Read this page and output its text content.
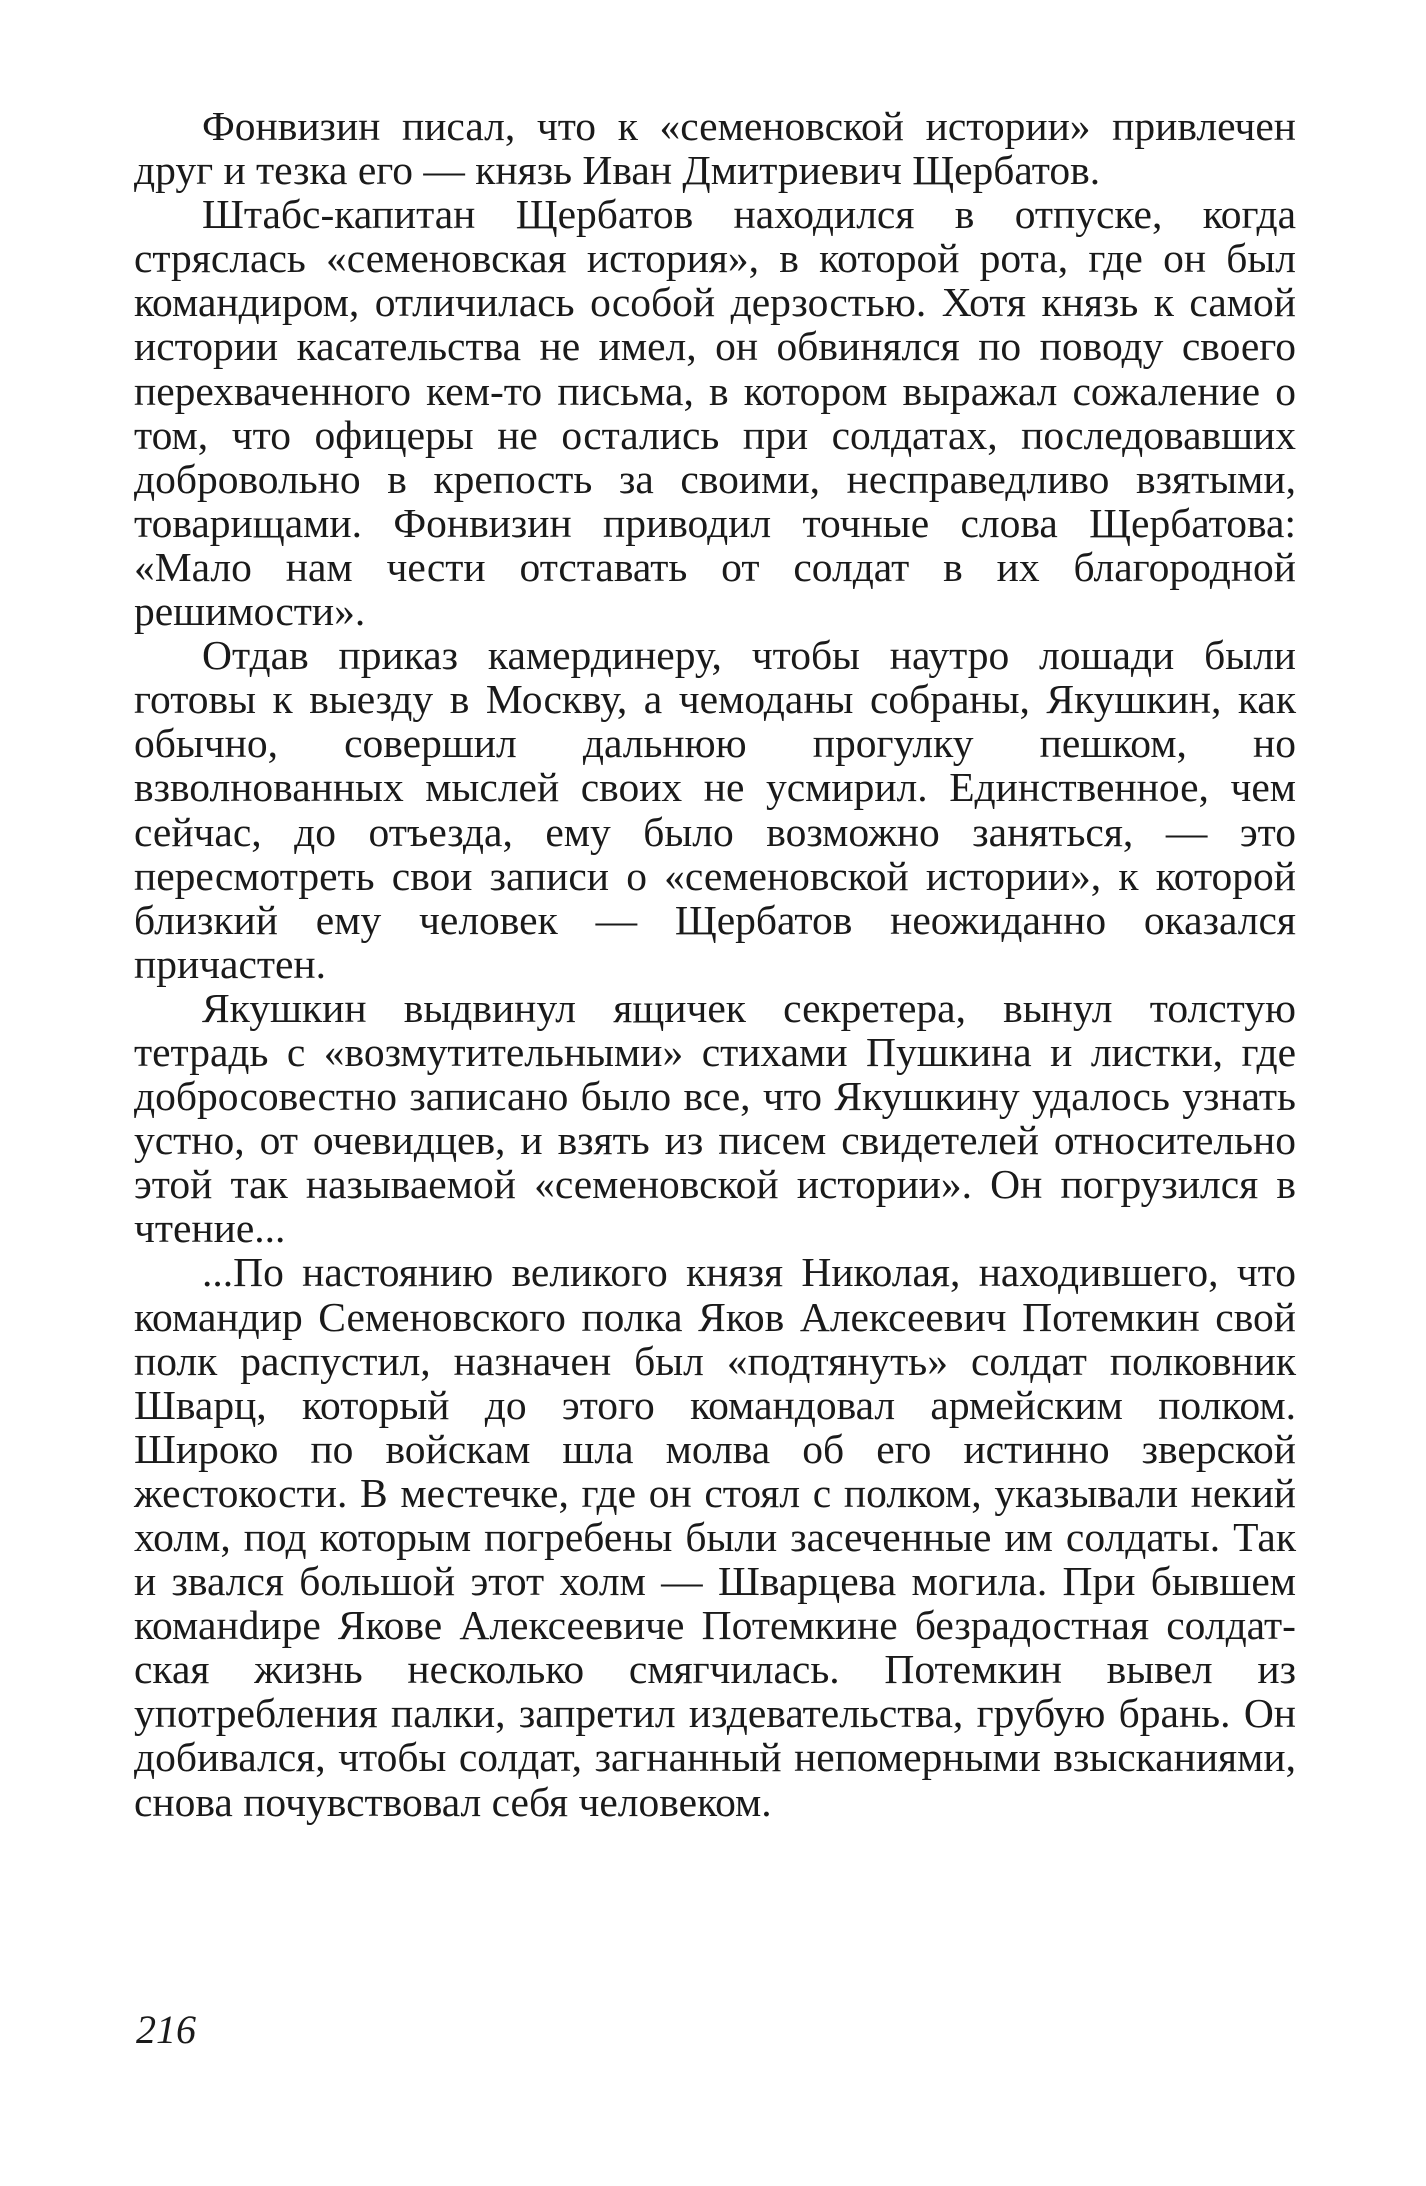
Фонвизин писал, что к «семеновской истории» привлечен друг и тезка его — князь Иван Дмитриевич Щербатов.

Штабс-капитан Щербатов находился в отпуске, когда стряслась «семеновская история», в которой рота, где он был командиром, отличилась особой дерзостью. Хотя князь к самой истории касательства не имел, он обвинялся по поводу своего перехваченного кем-то письма, в котором выражал сожаление о том, что офицеры не остались при солдатах, последовавших добровольно в крепость за своими, несправедливо взятыми, товарищами. Фонвизин приводил точные слова Щербатова: «Мало нам чести отставать от солдат в их благородной решимости».

Отдав приказ камердинеру, чтобы наутро лошади были готовы к выезду в Москву, а чемоданы собраны, Якушкин, как обычно, совершил дальнюю прогулку пешком, но взволнованных мыслей своих не усмирил. Единственное, чем сейчас, до отъезда, ему было возможно заняться, — это пересмотреть свои записи о «семеновской истории», к которой близкий ему человек — Щербатов неожиданно оказался причастен.

Якушкин выдвинул ящичек секретера, вынул толстую тетрадь с «возмутительными» стихами Пушкина и листки, где добросовестно записано было все, что Якушкину удалось узнать устно, от очевидцев, и взять из писем свидетелей относительно этой так называемой «семеновской истории». Он погрузился в чтение...

...По настоянию великого князя Николая, находившего, что командир Семеновского полка Яков Алексеевич Потемкин свой полк распустил, назначен был «подтянуть» солдат полковник Шварц, который до этого командовал армейским полком. Широко по войскам шла молва об его истинно зверской жестокости. В местечке, где он стоял с полком, указывали некий холм, под которым погребены были засеченные им солдаты. Так и звался большой этот холм — Шварцева могила. При бывшем команdире Якове Алексеевиче Потемкине безрадостная солдатская жизнь несколько смягчилась. Потемкин вывел из употребления палки, запретил издевательства, грубую брань. Он добивался, чтобы солдат, загнанный непомерными взысканиями, снова почувствовал себя человеком.

216
